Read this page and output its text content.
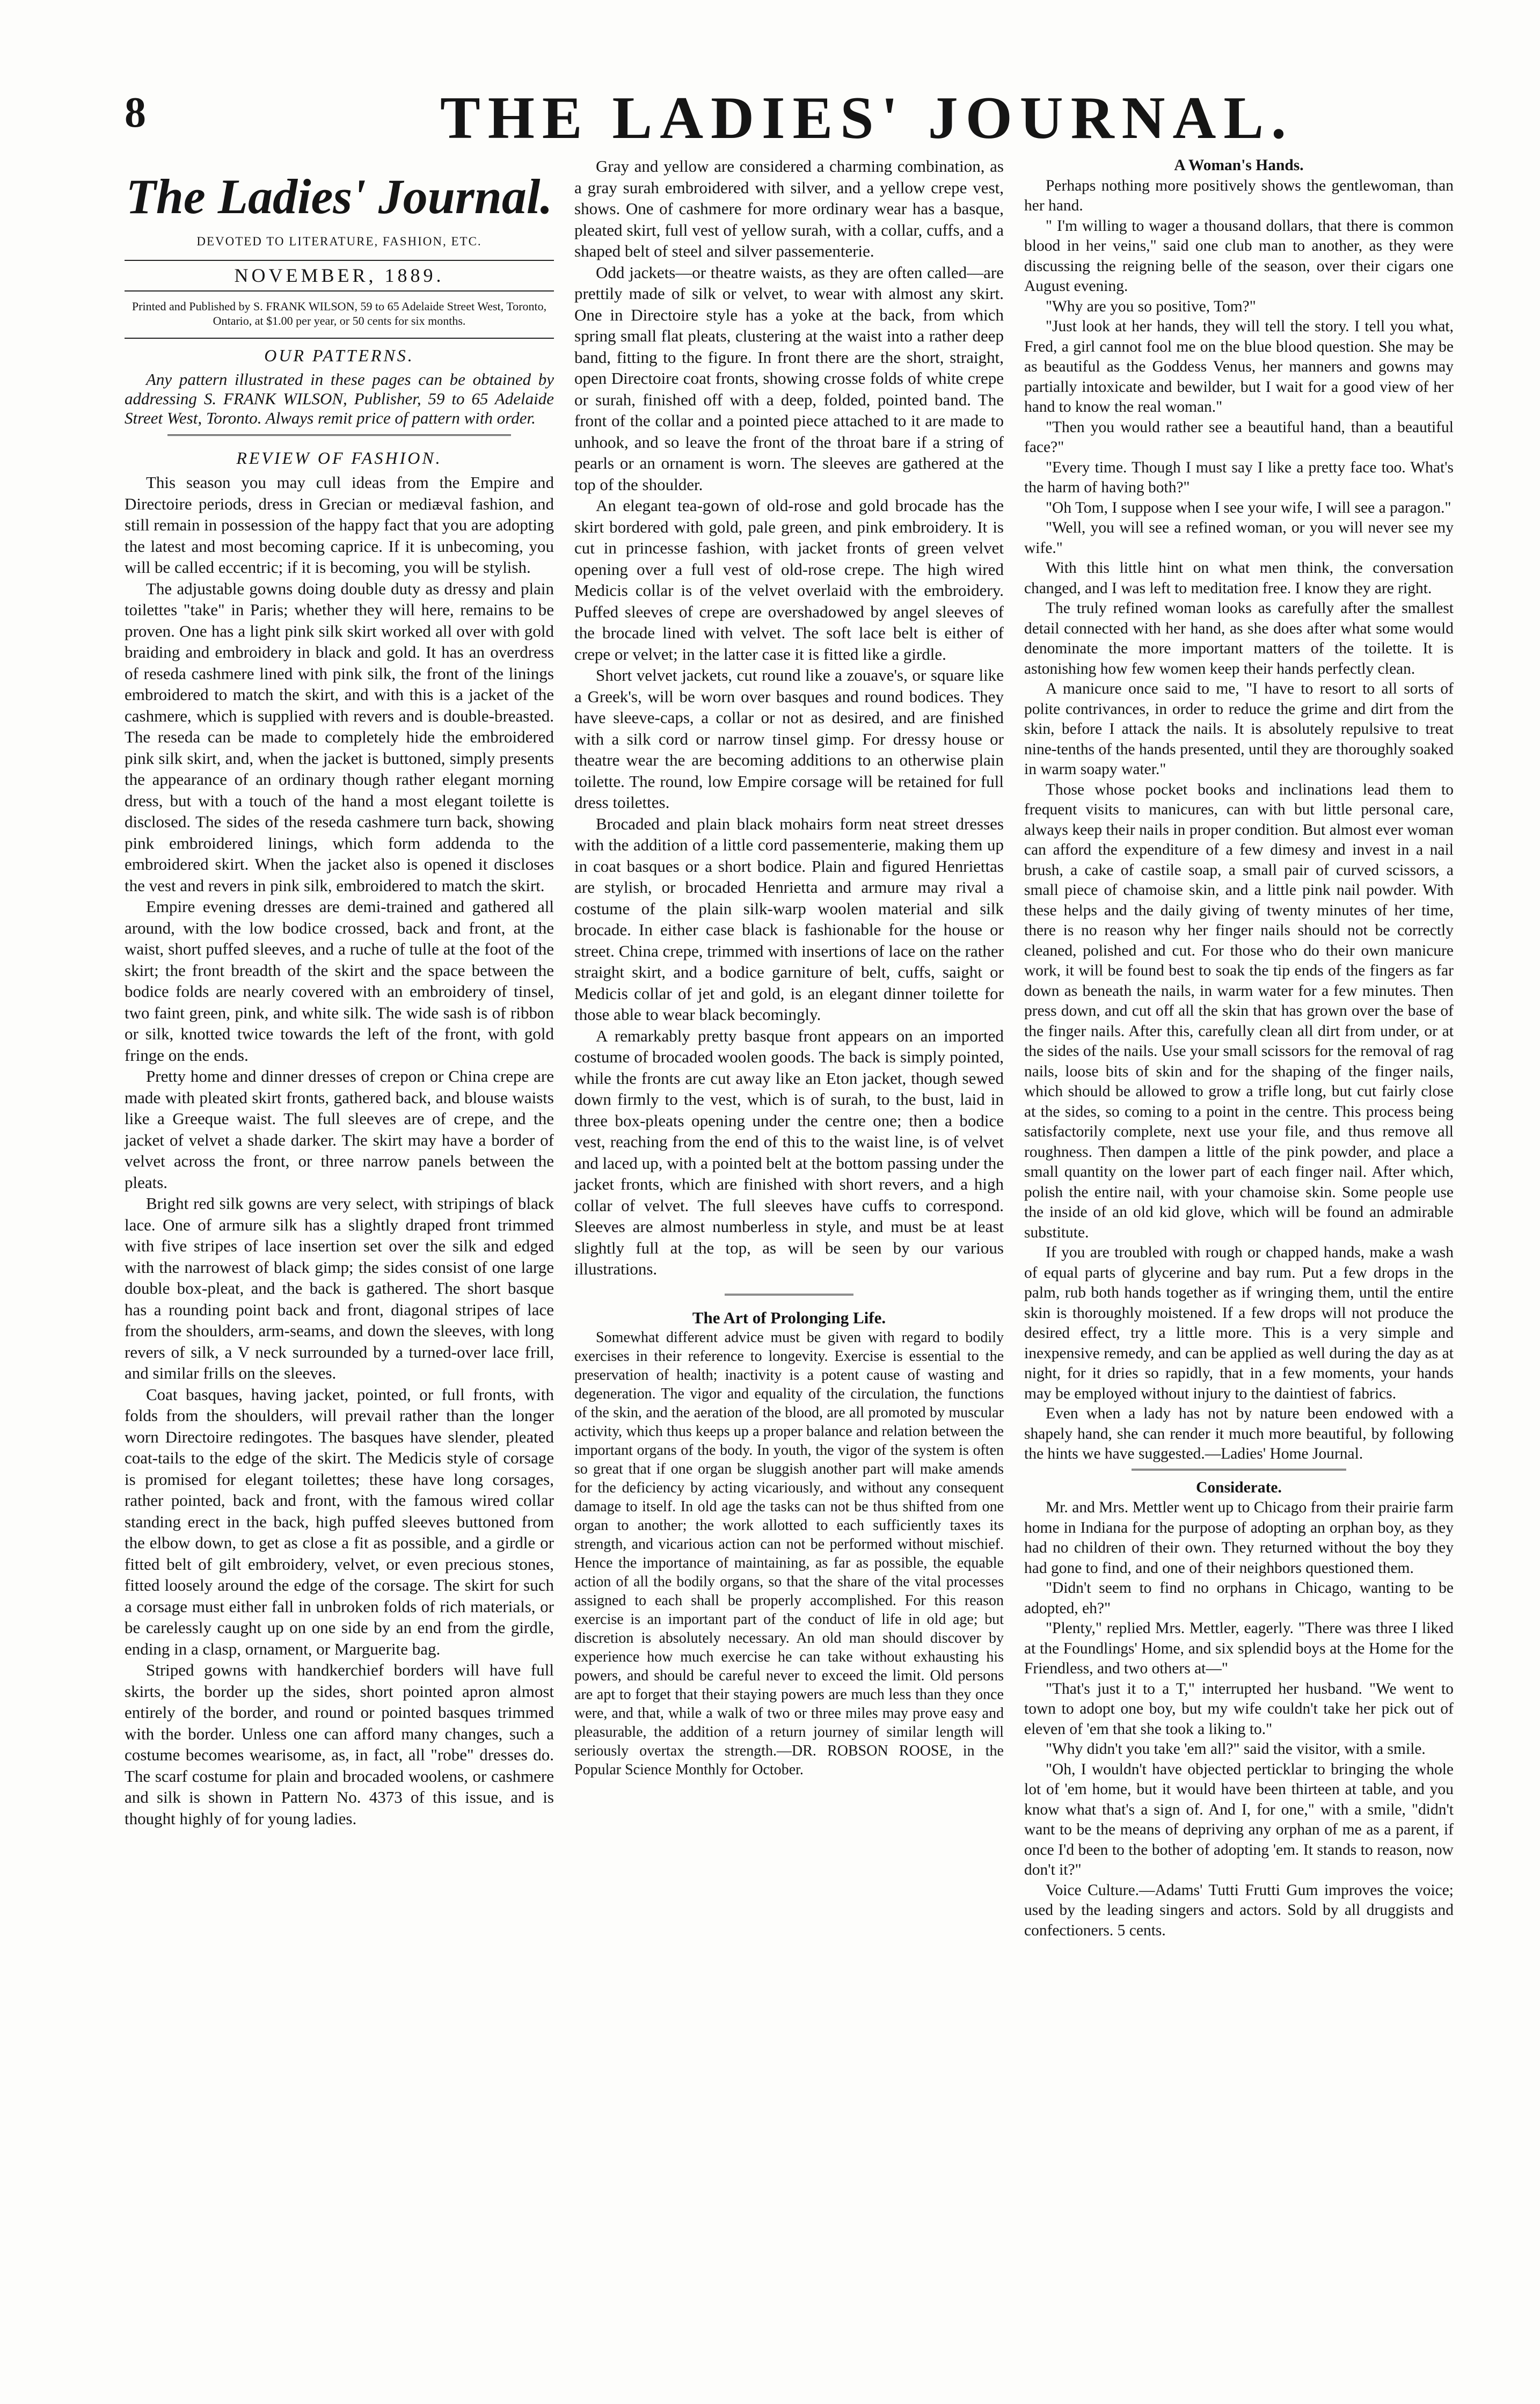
8	THE LADIES' JOURNAL.
The Ladies' Journal.
DEVOTED TO LITERATURE, FASHION, ETC.
NOVEMBER, 1889.
Printed and Published by S. FRANK WILSON, 59 to 65 Adelaide Street West, Toronto, Ontario, at $1.00 per year, or 50 cents for six months.
OUR PATTERNS.

Any pattern illustrated in these pages can be obtained by addressing S. FRANK WILSON, Publisher, 59 to 65 Adelaide Street West, Toronto. Always remit price of pattern with order.

REVIEW OF FASHION.

This season you may cull ideas from the Empire and Directoire periods, dress in Grecian or mediæval fashion, and still remain in possession of the happy fact that you are adopting the latest and most becoming caprice. If it is unbecoming, you will be called eccentric; if it is becoming, you will be stylish.

The adjustable gowns doing double duty as dressy and plain toilettes "take" in Paris; whether they will here, remains to be proven. One has a light pink silk skirt worked all over with gold braiding and embroidery in black and gold. It has an overdress of reseda cashmere lined with pink silk, the front of the linings embroidered to match the skirt, and with this is a jacket of the cashmere, which is supplied with revers and is double-breasted. The reseda can be made to completely hide the embroidered pink silk skirt, and, when the jacket is buttoned, simply presents the appearance of an ordinary though rather elegant morning dress, but with a touch of the hand a most elegant toilette is disclosed. The sides of the reseda cashmere turn back, showing pink embroidered linings, which form addenda to the embroidered skirt. When the jacket also is opened it discloses the vest and revers in pink silk, embroidered to match the skirt.

Empire evening dresses are demi-trained and gathered all around, with the low bodice crossed, back and front, at the waist, short puffed sleeves, and a ruche of tulle at the foot of the skirt; the front breadth of the skirt and the space between the bodice folds are nearly covered with an embroidery of tinsel, two faint green, pink, and white silk. The wide sash is of ribbon or silk, knotted twice towards the left of the front, with gold fringe on the ends.

Pretty home and dinner dresses of crepon or China crepe are made with pleated skirt fronts, gathered back, and blouse waists like a Greeque waist. The full sleeves are of crepe, and the jacket of velvet a shade darker. The skirt may have a border of velvet across the front, or three narrow panels between the pleats.

Bright red silk gowns are very select, with stripings of black lace. One of armure silk has a slightly draped front trimmed with five stripes of lace insertion set over the silk and edged with the narrowest of black gimp; the sides consist of one large double box-pleat, and the back is gathered. The short basque has a rounding point back and front, diagonal stripes of lace from the shoulders, arm-seams, and down the sleeves, with long revers of silk, a V neck surrounded by a turned-over lace frill, and similar frills on the sleeves.

Coat basques, having jacket, pointed, or full fronts, with folds from the shoulders, will prevail rather than the longer worn Directoire redingotes. The basques have slender, pleated coat-tails to the edge of the skirt. The Medicis style of corsage is promised for elegant toilettes; these have long corsages, rather pointed, back and front, with the famous wired collar standing erect in the back, high puffed sleeves buttoned from the elbow down, to get as close a fit as possible, and a girdle or fitted belt of gilt embroidery, velvet, or even precious stones, fitted loosely around the edge of the corsage. The skirt for such a corsage must either fall in unbroken folds of rich materials, or be carelessly caught up on one side by an end from the girdle, ending in a clasp, ornament, or Marguerite bag.

Striped gowns with handkerchief borders will have full skirts, the border up the sides, short pointed apron almost entirely of the border, and round or pointed basques trimmed with the border. Unless one can afford many changes, such a costume becomes wearisome, as, in fact, all "robe" dresses do. The scarf costume for plain and brocaded woolens, or cashmere and silk is shown in Pattern No. 4373 of this issue, and is thought highly of for young ladies.

Gray and yellow are considered a charming combination, as a gray surah embroidered with silver, and a yellow crepe vest, shows. One of cashmere for more ordinary wear has a basque, pleated skirt, full vest of yellow surah, with a collar, cuffs, and a shaped belt of steel and silver passementerie.

Odd jackets—or theatre waists, as they are often called—are prettily made of silk or velvet, to wear with almost any skirt. One in Directoire style has a yoke at the back, from which spring small flat pleats, clustering at the waist into a rather deep band, fitting to the figure. In front there are the short, straight, open Directoire coat fronts, showing crosse folds of white crepe or surah, finished off with a deep, folded, pointed band. The front of the collar and a pointed piece attached to it are made to unhook, and so leave the front of the throat bare if a string of pearls or an ornament is worn. The sleeves are gathered at the top of the shoulder.

An elegant tea-gown of old-rose and gold brocade has the skirt bordered with gold, pale green, and pink embroidery. It is cut in princesse fashion, with jacket fronts of green velvet opening over a full vest of old-rose crepe. The high wired Medicis collar is of the velvet overlaid with the embroidery. Puffed sleeves of crepe are overshadowed by angel sleeves of the brocade lined with velvet. The soft lace belt is either of crepe or velvet; in the latter case it is fitted like a girdle.

Short velvet jackets, cut round like a zouave's, or square like a Greek's, will be worn over basques and round bodices. They have sleeve-caps, a collar or not as desired, and are finished with a silk cord or narrow tinsel gimp. For dressy house or theatre wear the are becoming additions to an otherwise plain toilette. The round, low Empire corsage will be retained for full dress toilettes.

Brocaded and plain black mohairs form neat street dresses with the addition of a little cord passementerie, making them up in coat basques or a short bodice. Plain and figured Henriettas are stylish, or brocaded Henrietta and armure may rival a costume of the plain silk-warp woolen material and silk brocade. In either case black is fashionable for the house or street. China crepe, trimmed with insertions of lace on the rather straight skirt, and a bodice garniture of belt, cuffs, saight or Medicis collar of jet and gold, is an elegant dinner toilette for those able to wear black becomingly.

A remarkably pretty basque front appears on an imported costume of brocaded woolen goods. The back is simply pointed, while the fronts are cut away like an Eton jacket, though sewed down firmly to the vest, which is of surah, to the bust, laid in three box-pleats opening under the centre one; then a bodice vest, reaching from the end of this to the waist line, is of velvet and laced up, with a pointed belt at the bottom passing under the jacket fronts, which are finished with short revers, and a high collar of velvet. The full sleeves have cuffs to correspond. Sleeves are almost numberless in style, and must be at least slightly full at the top, as will be seen by our various illustrations.

The Art of Prolonging Life.

Somewhat different advice must be given with regard to bodily exercises in their reference to longevity. Exercise is essential to the preservation of health; inactivity is a potent cause of wasting and degeneration. The vigor and equality of the circulation, the functions of the skin, and the aeration of the blood, are all promoted by muscular activity, which thus keeps up a proper balance and relation between the important organs of the body. In youth, the vigor of the system is often so great that if one organ be sluggish another part will make amends for the deficiency by acting vicariously, and without any consequent damage to itself. In old age the tasks can not be thus shifted from one organ to another; the work allotted to each sufficiently taxes its strength, and vicarious action can not be performed without mischief. Hence the importance of maintaining, as far as possible, the equable action of all the bodily organs, so that the share of the vital processes assigned to each shall be properly accomplished. For this reason exercise is an important part of the conduct of life in old age; but discretion is absolutely necessary. An old man should discover by experience how much exercise he can take without exhausting his powers, and should be careful never to exceed the limit. Old persons are apt to forget that their staying powers are much less than they once were, and that, while a walk of two or three miles may prove easy and pleasurable, the addition of a return journey of similar length will seriously overtax the strength.—DR. ROBSON ROOSE, in the Popular Science Monthly for October.

A Woman's Hands.

Perhaps nothing more positively shows the gentlewoman, than her hand.

" I'm willing to wager a thousand dollars, that there is common blood in her veins," said one club man to another, as they were discussing the reigning belle of the season, over their cigars one August evening.

"Why are you so positive, Tom?"

"Just look at her hands, they will tell the story. I tell you what, Fred, a girl cannot fool me on the blue blood question. She may be as beautiful as the Goddess Venus, her manners and gowns may partially intoxicate and bewilder, but I wait for a good view of her hand to know the real woman."

"Then you would rather see a beautiful hand, than a beautiful face?"

"Every time. Though I must say I like a pretty face too. What's the harm of having both?"

"Oh Tom, I suppose when I see your wife, I will see a paragon."

"Well, you will see a refined woman, or you will never see my wife."

With this little hint on what men think, the conversation changed, and I was left to meditation free. I know they are right.

The truly refined woman looks as carefully after the smallest detail connected with her hand, as she does after what some would denominate the more important matters of the toilette. It is astonishing how few women keep their hands perfectly clean.

A manicure once said to me, "I have to resort to all sorts of polite contrivances, in order to reduce the grime and dirt from the skin, before I attack the nails. It is absolutely repulsive to treat nine-tenths of the hands presented, until they are thoroughly soaked in warm soapy water."

Those whose pocket books and inclinations lead them to frequent visits to manicures, can with but little personal care, always keep their nails in proper condition. But almost ever woman can afford the expenditure of a few dimesy and invest in a nail brush, a cake of castile soap, a small pair of curved scissors, a small piece of chamoise skin, and a little pink nail powder. With these helps and the daily giving of twenty minutes of her time, there is no reason why her finger nails should not be correctly cleaned, polished and cut. For those who do their own manicure work, it will be found best to soak the tip ends of the fingers as far down as beneath the nails, in warm water for a few minutes. Then press down, and cut off all the skin that has grown over the base of the finger nails. After this, carefully clean all dirt from under, or at the sides of the nails. Use your small scissors for the removal of rag nails, loose bits of skin and for the shaping of the finger nails, which should be allowed to grow a trifle long, but cut fairly close at the sides, so coming to a point in the centre. This process being satisfactorily complete, next use your file, and thus remove all roughness. Then dampen a little of the pink powder, and place a small quantity on the lower part of each finger nail. After which, polish the entire nail, with your chamoise skin. Some people use the inside of an old kid glove, which will be found an admirable substitute.

If you are troubled with rough or chapped hands, make a wash of equal parts of glycerine and bay rum. Put a few drops in the palm, rub both hands together as if wringing them, until the entire skin is thoroughly moistened. If a few drops will not produce the desired effect, try a little more. This is a very simple and inexpensive remedy, and can be applied as well during the day as at night, for it dries so rapidly, that in a few moments, your hands may be employed without injury to the daintiest of fabrics.

Even when a lady has not by nature been endowed with a shapely hand, she can render it much more beautiful, by following the hints we have suggested.—Ladies' Home Journal.

Considerate.

Mr. and Mrs. Mettler went up to Chicago from their prairie farm home in Indiana for the purpose of adopting an orphan boy, as they had no children of their own. They returned without the boy they had gone to find, and one of their neighbors questioned them.

"Didn't seem to find no orphans in Chicago, wanting to be adopted, eh?"

"Plenty," replied Mrs. Mettler, eagerly. "There was three I liked at the Foundlings' Home, and six splendid boys at the Home for the Friendless, and two others at—"

"That's just it to a T," interrupted her husband. "We went to town to adopt one boy, but my wife couldn't take her pick out of eleven of 'em that she took a liking to."

"Why didn't you take 'em all?" said the visitor, with a smile.

"Oh, I wouldn't have objected perticklar to bringing the whole lot of 'em home, but it would have been thirteen at table, and you know what that's a sign of. And I, for one," with a smile, "didn't want to be the means of depriving any orphan of me as a parent, if once I'd been to the bother of adopting 'em. It stands to reason, now don't it?"

Voice Culture.—Adams' Tutti Frutti Gum improves the voice; used by the leading singers and actors. Sold by all druggists and confectioners. 5 cents.
